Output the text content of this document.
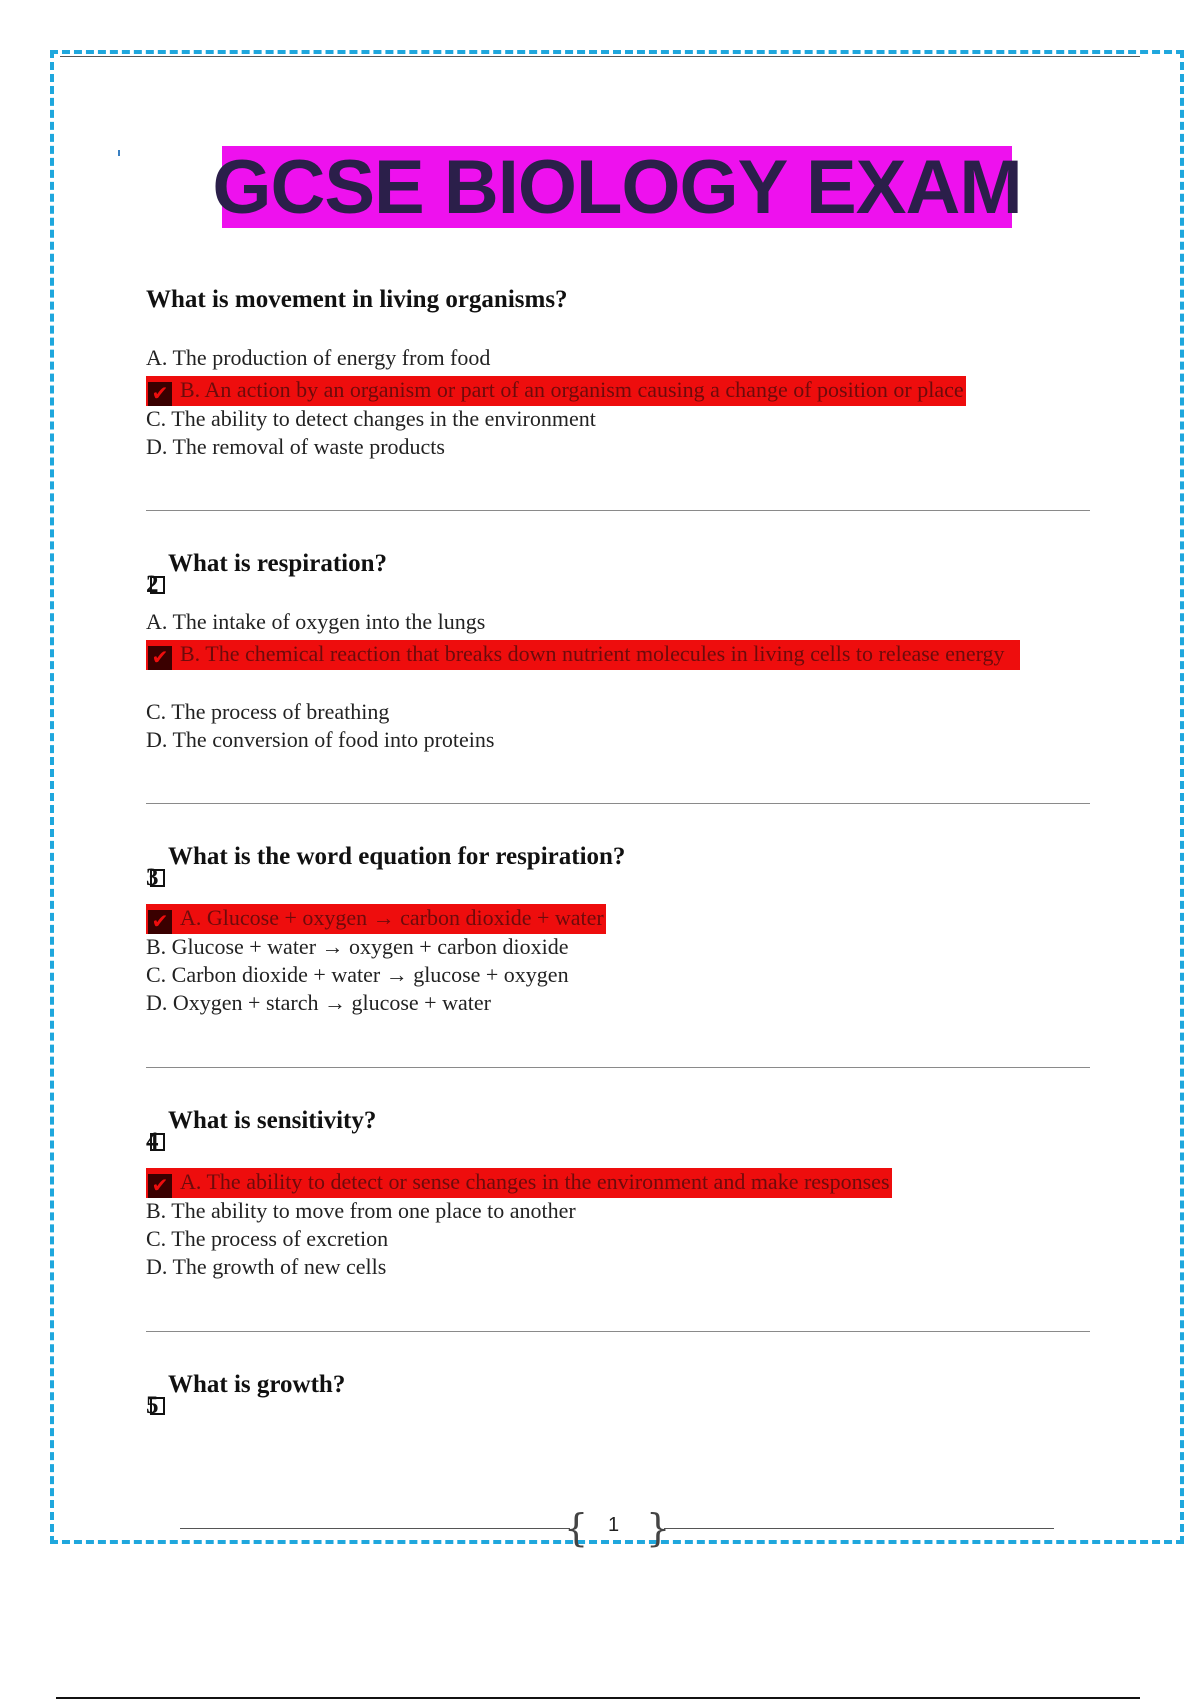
GCSE BIOLOGY EXAM
What is movement in living organisms?
A. The production of energy from food
✔ B. An action by an organism or part of an organism causing a change of position or place
C. The ability to detect changes in the environment
D. The removal of waste products
2
What is respiration?
A. The intake of oxygen into the lungs
✔ B. The chemical reaction that breaks down nutrient molecules in living cells to release energy
C. The process of breathing
D. The conversion of food into proteins
3
What is the word equation for respiration?
✔ A. Glucose + oxygen → carbon dioxide + water
B. Glucose + water → oxygen + carbon dioxide
C. Carbon dioxide + water → glucose + oxygen
D. Oxygen + starch → glucose + water
4
What is sensitivity?
✔ A. The ability to detect or sense changes in the environment and make responses
B. The ability to move from one place to another
C. The process of excretion
D. The growth of new cells
5
What is growth?
{ 1 }
